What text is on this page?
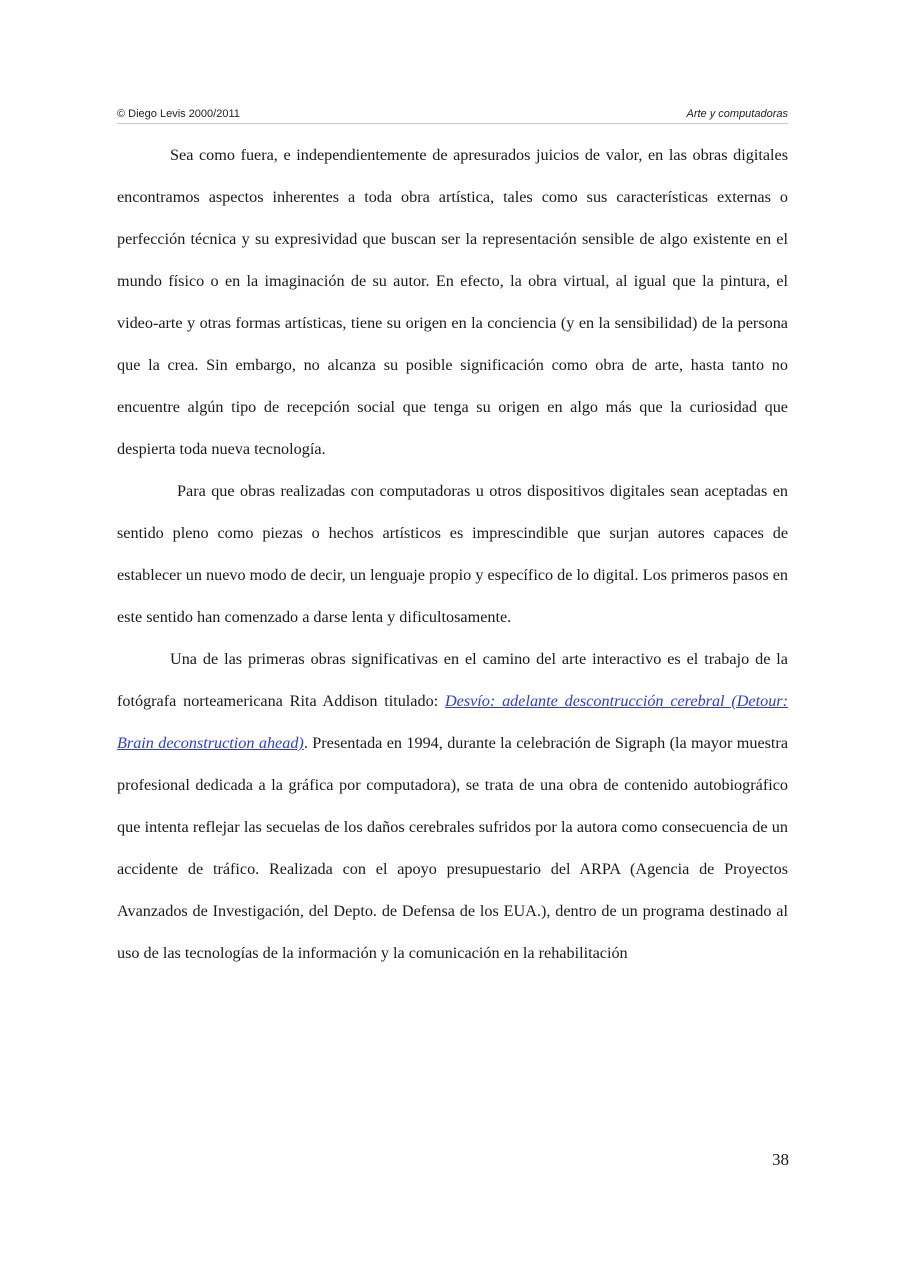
© Diego Levis 2000/2011	Arte y computadoras

Sea como fuera, e independientemente de apresurados juicios de valor, en las obras digitales encontramos aspectos inherentes a toda obra artística, tales como sus características externas o perfección técnica y su expresividad que buscan ser la representación sensible de algo existente en el mundo físico o en la imaginación de su autor. En efecto, la obra virtual, al igual que la pintura, el video-arte y otras formas artísticas, tiene su origen en la conciencia (y en la sensibilidad) de la persona que la crea. Sin embargo, no alcanza su posible significación como obra de arte, hasta tanto no encuentre algún tipo de recepción social que tenga su origen en algo más que la curiosidad que despierta toda nueva tecnología.

Para que obras realizadas con computadoras u otros dispositivos digitales sean aceptadas en sentido pleno como piezas o hechos artísticos es imprescindible que surjan autores capaces de establecer un nuevo modo de decir, un lenguaje propio y específico de lo digital. Los primeros pasos en este sentido han comenzado a darse lenta y dificultosamente.

Una de las primeras obras significativas en el camino del arte interactivo es el trabajo de la fotógrafa norteamericana Rita Addison titulado: Desvío: adelante descontrucción cerebral (Detour: Brain deconstruction ahead). Presentada en 1994, durante la celebración de Sigraph (la mayor muestra profesional dedicada a la gráfica por computadora), se trata de una obra de contenido autobiográfico que intenta reflejar las secuelas de los daños cerebrales sufridos por la autora como consecuencia de un accidente de tráfico. Realizada con el apoyo presupuestario del ARPA (Agencia de Proyectos Avanzados de Investigación, del Depto. de Defensa de los EUA.), dentro de un programa destinado al uso de las tecnologías de la información y la comunicación en la rehabilitación

38
